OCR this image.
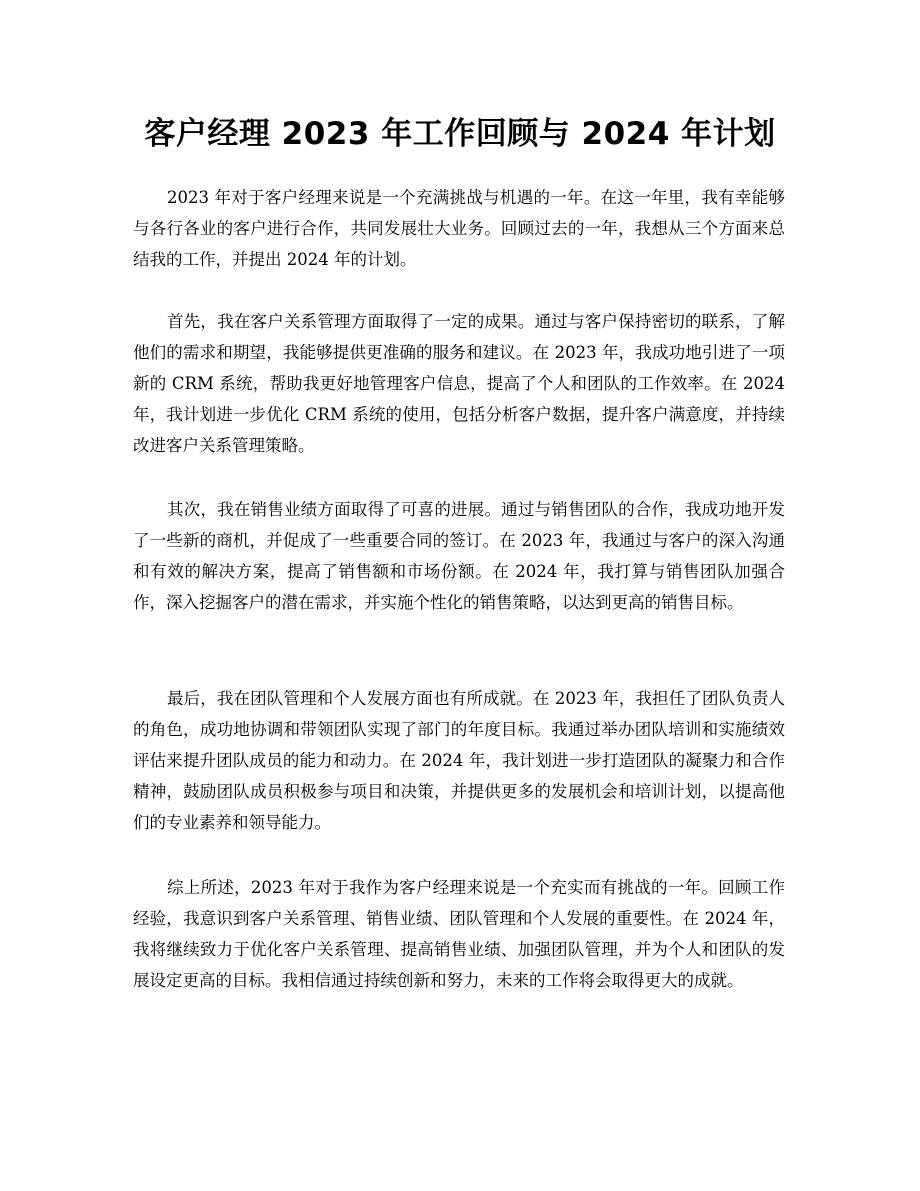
客户经理 2023 年工作回顾与 2024 年计划

2023 年对于客户经理来说是一个充满挑战与机遇的一年。在这一年里，我有幸能够与各行各业的客户进行合作，共同发展壮大业务。回顾过去的一年，我想从三个方面来总结我的工作，并提出 2024 年的计划。

首先，我在客户关系管理方面取得了一定的成果。通过与客户保持密切的联系，了解他们的需求和期望，我能够提供更准确的服务和建议。在 2023 年，我成功地引进了一项新的 CRM 系统，帮助我更好地管理客户信息，提高了个人和团队的工作效率。在 2024 年，我计划进一步优化 CRM 系统的使用，包括分析客户数据，提升客户满意度，并持续改进客户关系管理策略。

其次，我在销售业绩方面取得了可喜的进展。通过与销售团队的合作，我成功地开发了一些新的商机，并促成了一些重要合同的签订。在 2023 年，我通过与客户的深入沟通和有效的解决方案，提高了销售额和市场份额。在 2024 年，我打算与销售团队加强合作，深入挖掘客户的潜在需求，并实施个性化的销售策略，以达到更高的销售目标。

最后，我在团队管理和个人发展方面也有所成就。在 2023 年，我担任了团队负责人的角色，成功地协调和带领团队实现了部门的年度目标。我通过举办团队培训和实施绩效评估来提升团队成员的能力和动力。在 2024 年，我计划进一步打造团队的凝聚力和合作精神，鼓励团队成员积极参与项目和决策，并提供更多的发展机会和培训计划，以提高他们的专业素养和领导能力。

综上所述，2023 年对于我作为客户经理来说是一个充实而有挑战的一年。回顾工作经验，我意识到客户关系管理、销售业绩、团队管理和个人发展的重要性。在 2024 年，我将继续致力于优化客户关系管理、提高销售业绩、加强团队管理，并为个人和团队的发展设定更高的目标。我相信通过持续创新和努力，未来的工作将会取得更大的成就。
